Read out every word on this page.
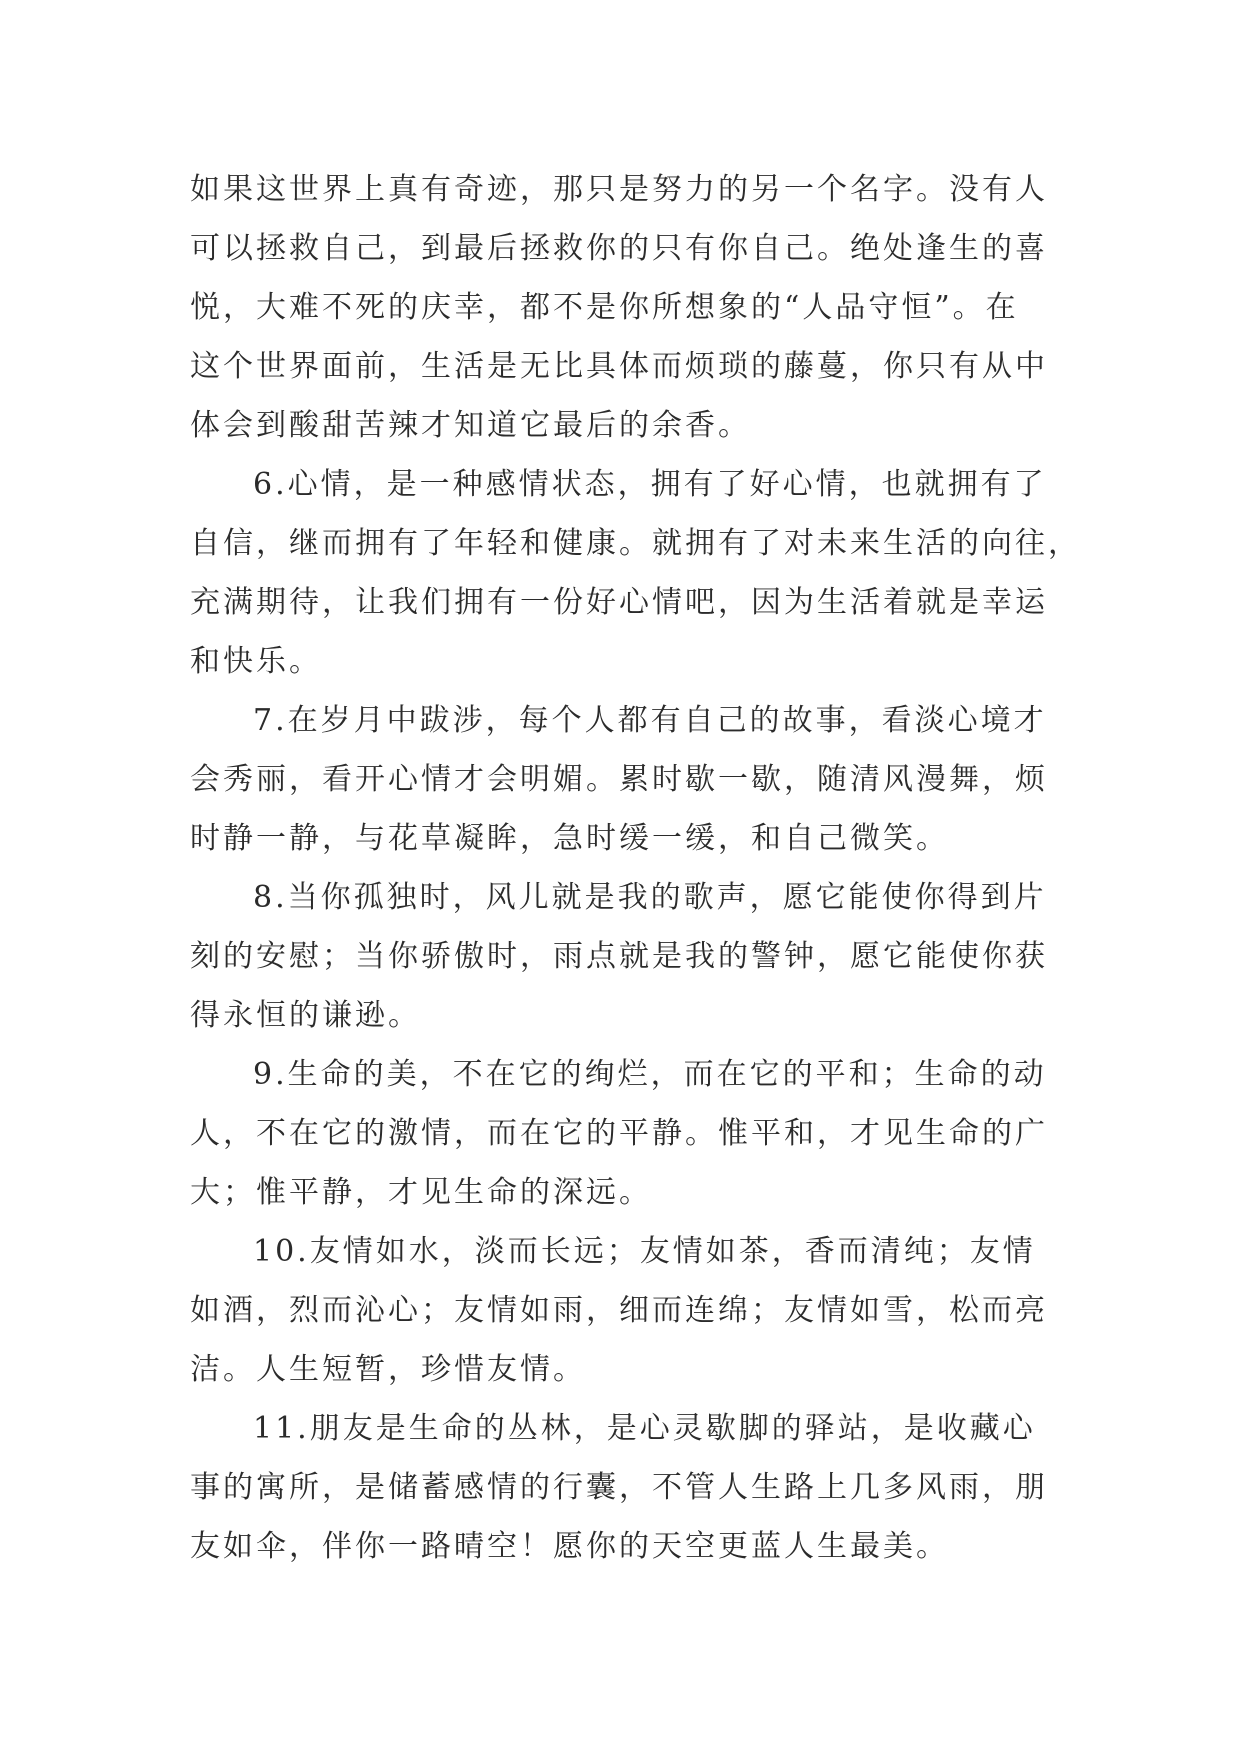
如果这世界上真有奇迹，那只是努力的另一个名字。没有人
可以拯救自己，到最后拯救你的只有你自己。绝处逢生的喜
悦，大难不死的庆幸，都不是你所想象的“人品守恒”。在
这个世界面前，生活是无比具体而烦琐的藤蔓，你只有从中
体会到酸甜苦辣才知道它最后的余香。
6.心情，是一种感情状态，拥有了好心情，也就拥有了
自信，继而拥有了年轻和健康。就拥有了对未来生活的向往，
充满期待，让我们拥有一份好心情吧，因为生活着就是幸运
和快乐。
7.在岁月中跋涉，每个人都有自己的故事，看淡心境才
会秀丽，看开心情才会明媚。累时歇一歇，随清风漫舞，烦
时静一静，与花草凝眸，急时缓一缓，和自己微笑。
8.当你孤独时，风儿就是我的歌声，愿它能使你得到片
刻的安慰；当你骄傲时，雨点就是我的警钟，愿它能使你获
得永恒的谦逊。
9.生命的美，不在它的绚烂，而在它的平和；生命的动
人，不在它的激情，而在它的平静。惟平和，才见生命的广
大；惟平静，才见生命的深远。
10.友情如水，淡而长远；友情如茶，香而清纯；友情
如酒，烈而沁心；友情如雨，细而连绵；友情如雪，松而亮
洁。人生短暂，珍惜友情。
11.朋友是生命的丛林，是心灵歇脚的驿站，是收藏心
事的寓所，是储蓄感情的行囊，不管人生路上几多风雨，朋
友如伞，伴你一路晴空！愿你的天空更蓝人生最美。
